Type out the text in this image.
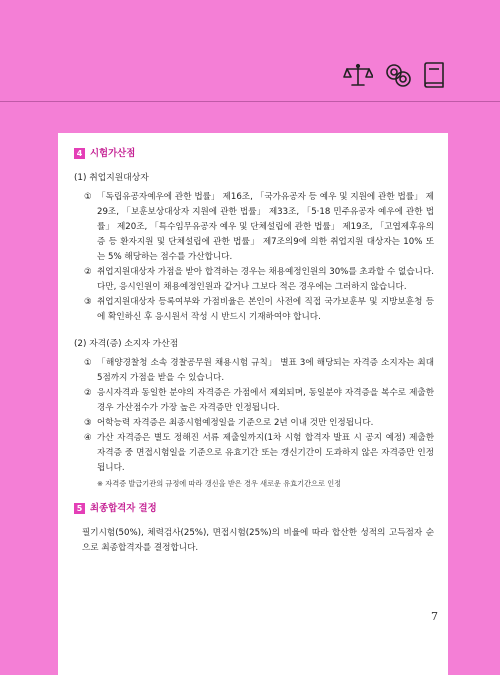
4 시험가산점
(1) 취업지원대상자
① 「독립유공자예우에 관한 법률」 제16조, 「국가유공자 등 예우 및 지원에 관한 법률」 제29조, 「보훈보상대상자 지원에 관한 법률」 제33조, 「5·18 민주유공자 예우에 관한 법률」 제20조, 「특수임무유공자 예우 및 단체설립에 관한 법률」 제19조, 「고엽제후유의증 등 환자지원 및 단체설립에 관한 법률」 제7조의9에 의한 취업지원 대상자는 10% 또는 5% 해당하는 점수를 가산합니다.
② 취업지원대상자 가점을 받아 합격하는 경우는 채용예정인원의 30%를 초과할 수 없습니다. 다만, 응시인원이 채용예정인원과 같거나 그보다 적은 경우에는 그러하지 않습니다.
③ 취업지원대상자 등록여부와 가점비율은 본인이 사전에 직접 국가보훈부 및 지방보훈청 등에 확인하신 후 응시원서 작성 시 반드시 기재하여야 합니다.
(2) 자격(증) 소지자 가산점
① 「해양경찰청 소속 경찰공무원 채용시험 규칙」 별표 3에 해당되는 자격증 소지자는 최대 5점까지 가점을 받을 수 있습니다.
② 응시자격과 동일한 분야의 자격증은 가점에서 제외되며, 동일분야 자격증을 복수로 제출한 경우 가산점수가 가장 높은 자격증만 인정됩니다.
③ 어학능력 자격증은 최종시험예정일을 기준으로 2년 이내 것만 인정됩니다.
④ 가산 자격증은 별도 정해진 서류 제출일까지(1차 시험 합격자 발표 시 공지 예정) 제출한 자격증 중 면접시험일을 기준으로 유효기간 또는 갱신기간이 도과하지 않은 자격증만 인정됩니다.
※ 자격증 발급기관의 규정에 따라 갱신을 받은 경우 새로운 유효기간으로 인정
5 최종합격자 결정
필기시험(50%), 체력검사(25%), 면접시험(25%)의 비율에 따라 합산한 성적의 고득점자 순으로 최종합격자를 결정합니다.
7
